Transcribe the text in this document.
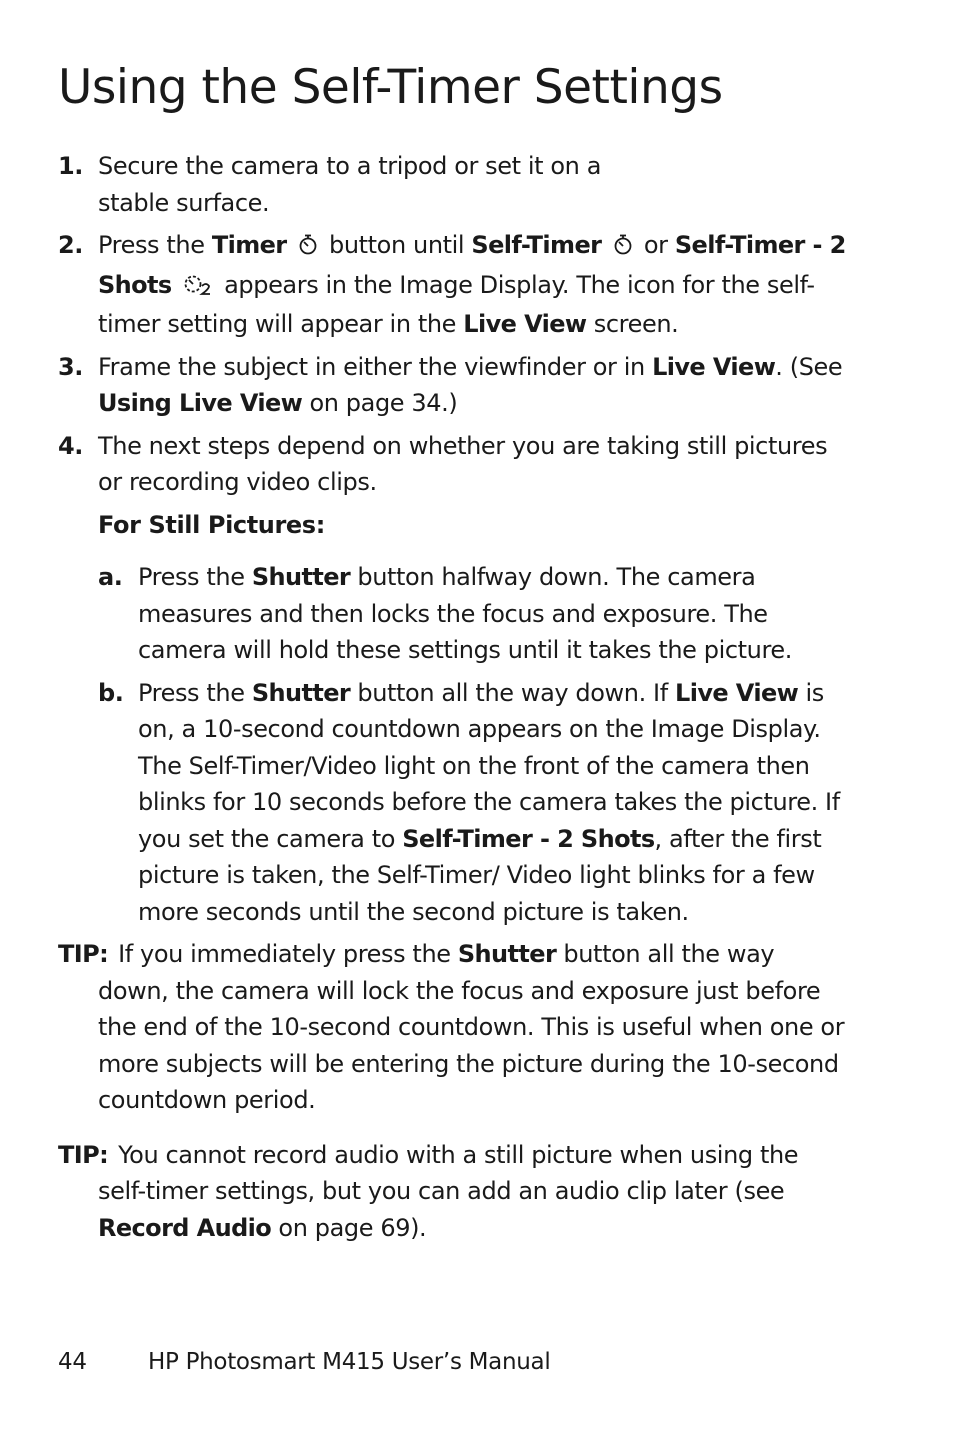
Using the Self-Timer Settings
1. Secure the camera to a tripod or set it on a
stable surface.
2. Press the Timer  button until Self-Timer  or Self-Timer - 2 Shots  appears in the Image Display. The icon for the self-timer setting will appear in the Live View screen.
3. Frame the subject in either the viewfinder or in Live View. (See Using Live View on page 34.)
4. The next steps depend on whether you are taking still pictures or recording video clips.
For Still Pictures:
a. Press the Shutter button halfway down. The camera measures and then locks the focus and exposure. The camera will hold these settings until it takes the picture.
b. Press the Shutter button all the way down. If Live View is on, a 10-second countdown appears on the Image Display. The Self-Timer/Video light on the front of the camera then blinks for 10 seconds before the camera takes the picture. If you set the camera to Self-Timer - 2 Shots, after the first picture is taken, the Self-Timer/ Video light blinks for a few more seconds until the second picture is taken.
TIP: If you immediately press the Shutter button all the way down, the camera will lock the focus and exposure just before the end of the 10-second countdown. This is useful when one or more subjects will be entering the picture during the 10-second countdown period.
TIP: You cannot record audio with a still picture when using the self-timer settings, but you can add an audio clip later (see Record Audio on page 69).
44	HP Photosmart M415 User’s Manual
